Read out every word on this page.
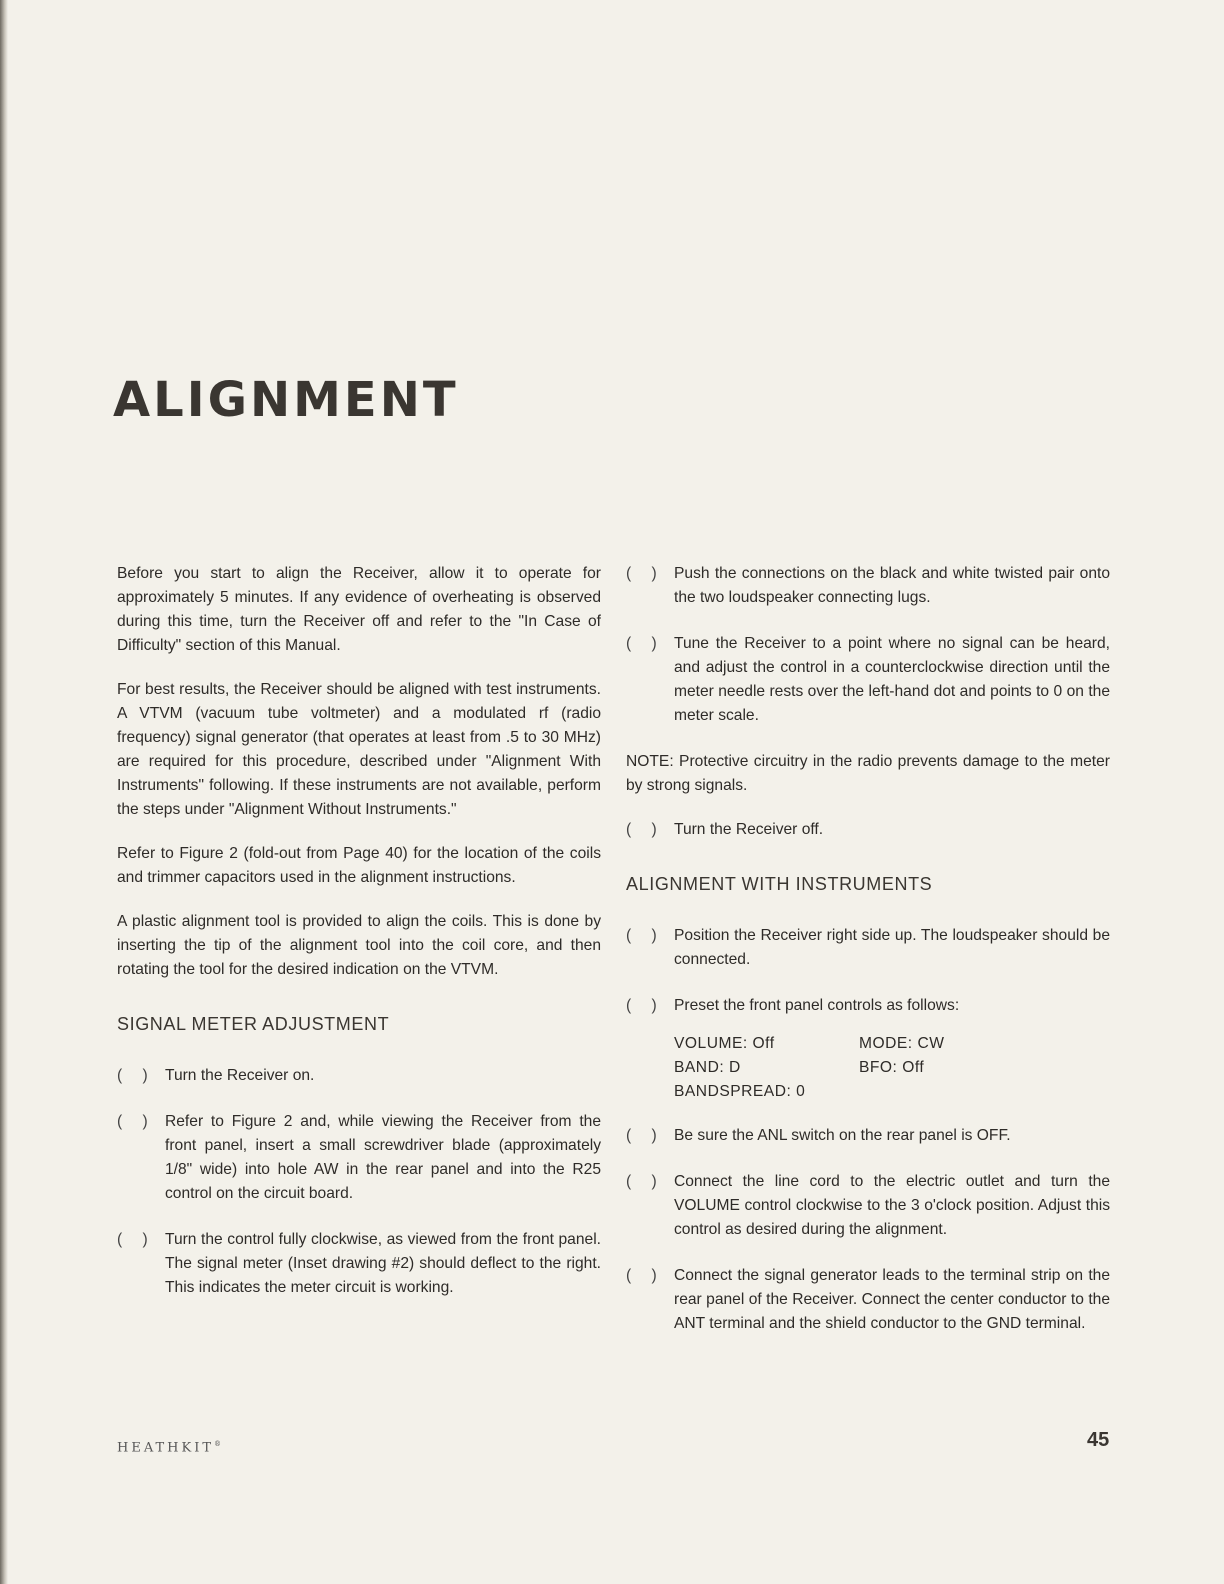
ALIGNMENT

Before you start to align the Receiver, allow it to operate for approximately 5 minutes. If any evidence of overheating is observed during this time, turn the Receiver off and refer to the "In Case of Difficulty" section of this Manual.

For best results, the Receiver should be aligned with test instruments. A VTVM (vacuum tube voltmeter) and a modulated rf (radio frequency) signal generator (that operates at least from .5 to 30 MHz) are required for this procedure, described under "Alignment With Instruments" following. If these instruments are not available, perform the steps under "Alignment Without Instruments."

Refer to Figure 2 (fold-out from Page 40) for the location of the coils and trimmer capacitors used in the alignment instructions.

A plastic alignment tool is provided to align the coils. This is done by inserting the tip of the alignment tool into the coil core, and then rotating the tool for the desired indication on the VTVM.

SIGNAL METER ADJUSTMENT
( ) Turn the Receiver on.
( ) Refer to Figure 2 and, while viewing the Receiver from the front panel, insert a small screwdriver blade (approximately 1/8" wide) into hole AW in the rear panel and into the R25 control on the circuit board.
( ) Turn the control fully clockwise, as viewed from the front panel. The signal meter (Inset drawing #2) should deflect to the right. This indicates the meter circuit is working.
( ) Push the connections on the black and white twisted pair onto the two loudspeaker connecting lugs.
( ) Tune the Receiver to a point where no signal can be heard, and adjust the control in a counterclockwise direction until the meter needle rests over the left-hand dot and points to 0 on the meter scale.

NOTE: Protective circuitry in the radio prevents damage to the meter by strong signals.

( ) Turn the Receiver off.
ALIGNMENT WITH INSTRUMENTS
( ) Position the Receiver right side up. The loudspeaker should be connected.
( ) Preset the front panel controls as follows:
VOLUME: Off	MODE: CW
BAND: D	BFO: Off
BANDSPREAD: 0
( ) Be sure the ANL switch on the rear panel is OFF.
( ) Connect the line cord to the electric outlet and turn the VOLUME control clockwise to the 3 o'clock position. Adjust this control as desired during the alignment.
( ) Connect the signal generator leads to the terminal strip on the rear panel of the Receiver. Connect the center conductor to the ANT terminal and the shield conductor to the GND terminal.
HEATHKIT®	45
